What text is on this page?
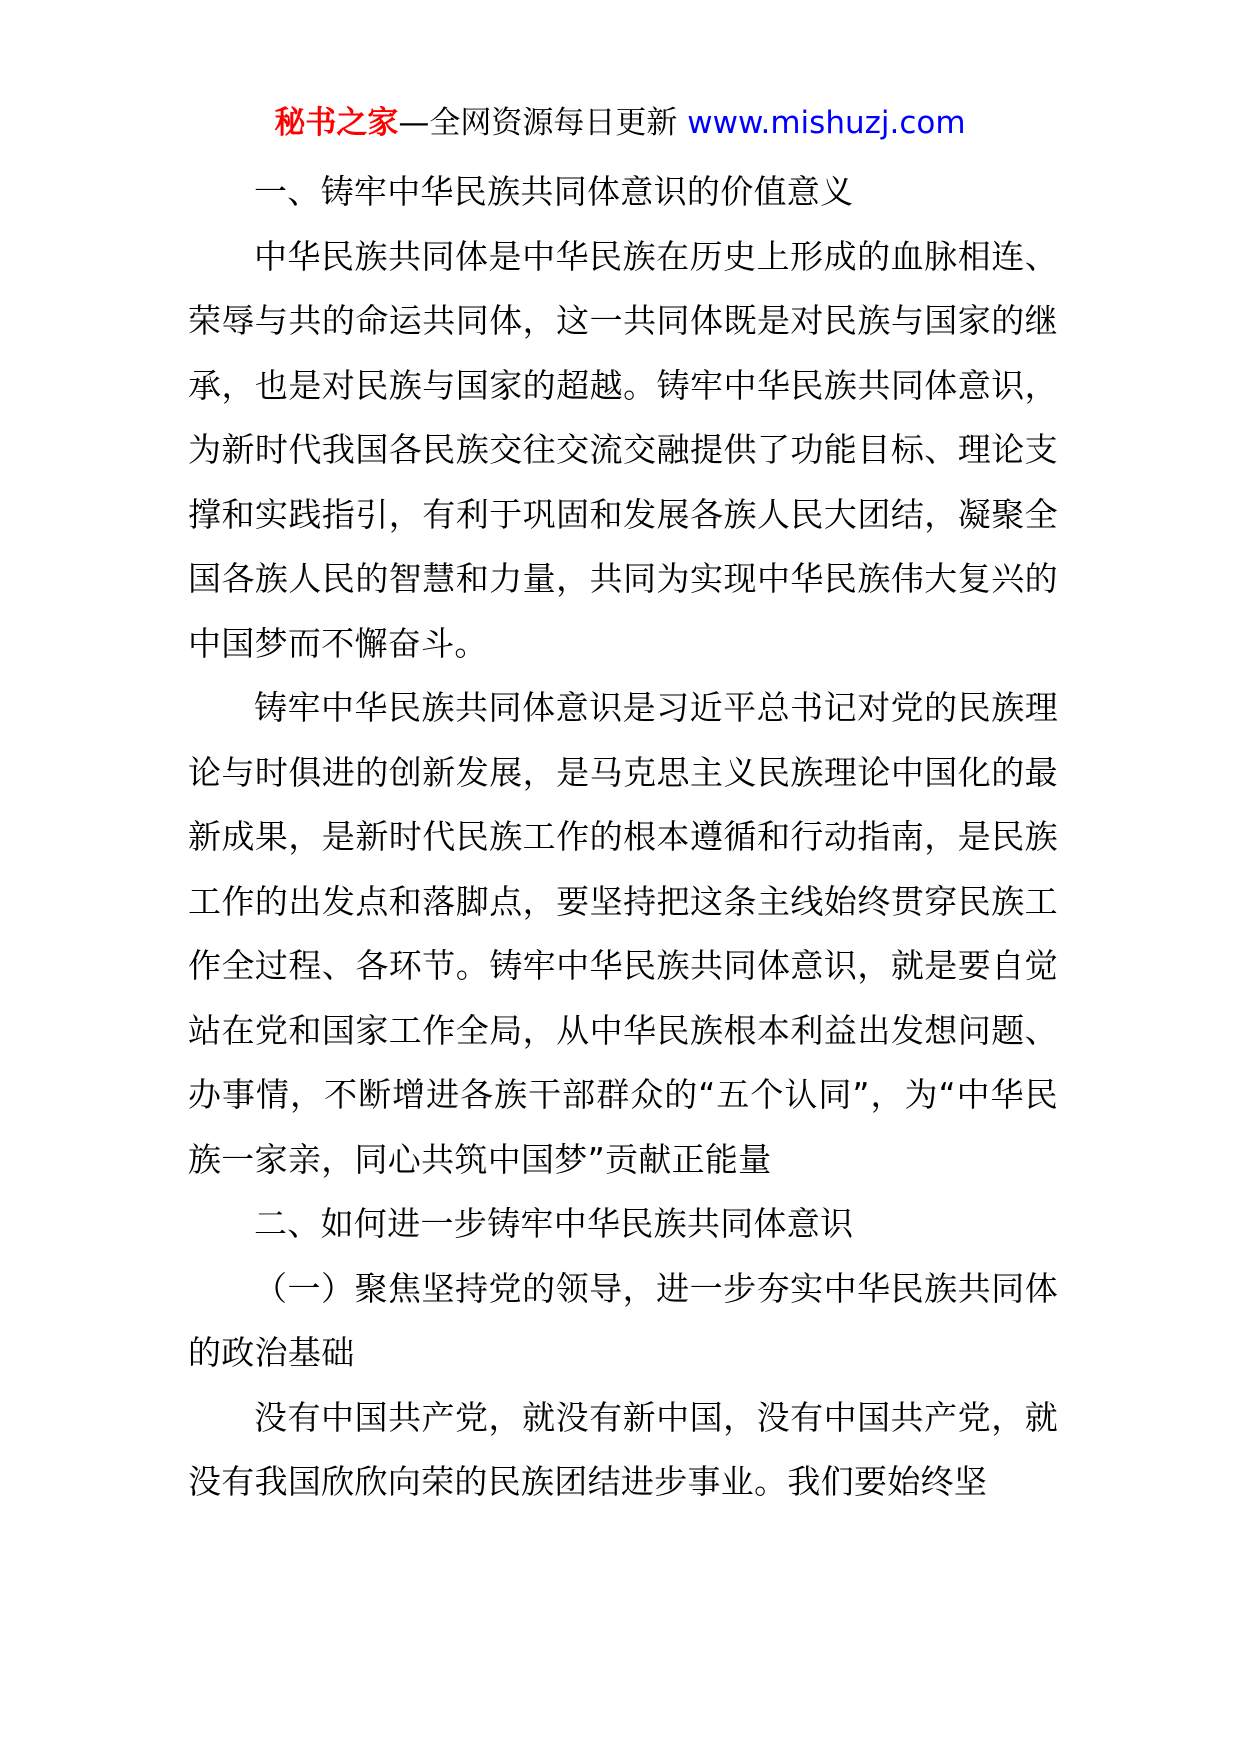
秘书之家—全网资源每日更新 www.mishuzj.com

一、铸牢中华民族共同体意识的价值意义

中华民族共同体是中华民族在历史上形成的血脉相连、荣辱与共的命运共同体，这一共同体既是对民族与国家的继承，也是对民族与国家的超越。铸牢中华民族共同体意识，为新时代我国各民族交往交流交融提供了功能目标、理论支撑和实践指引，有利于巩固和发展各族人民大团结，凝聚全国各族人民的智慧和力量，共同为实现中华民族伟大复兴的中国梦而不懈奋斗。

铸牢中华民族共同体意识是习近平总书记对党的民族理论与时俱进的创新发展，是马克思主义民族理论中国化的最新成果，是新时代民族工作的根本遵循和行动指南，是民族工作的出发点和落脚点，要坚持把这条主线始终贯穿民族工作全过程、各环节。铸牢中华民族共同体意识，就是要自觉站在党和国家工作全局，从中华民族根本利益出发想问题、办事情，不断增进各族干部群众的“五个认同”，为“中华民族一家亲，同心共筑中国梦”贡献正能量

二、如何进一步铸牢中华民族共同体意识

（一）聚焦坚持党的领导，进一步夯实中华民族共同体的政治基础

没有中国共产党，就没有新中国，没有中国共产党，就没有我国欣欣向荣的民族团结进步事业。我们要始终坚
